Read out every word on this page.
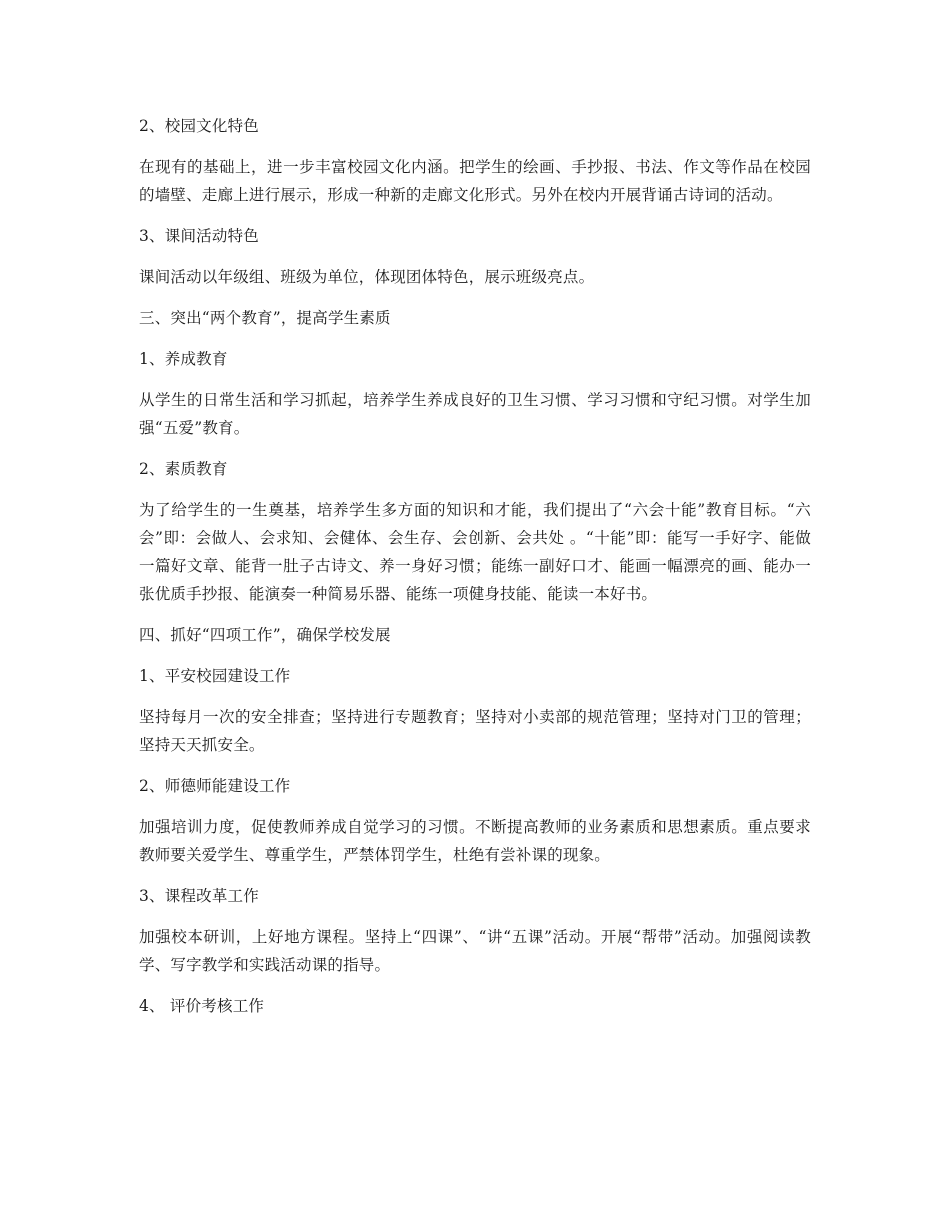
2、校园文化特色

在现有的基础上，进一步丰富校园文化内涵。把学生的绘画、手抄报、书法、作文等作品在校园的墙壁、走廊上进行展示，形成一种新的走廊文化形式。另外在校内开展背诵古诗词的活动。

3、课间活动特色

课间活动以年级组、班级为单位，体现团体特色，展示班级亮点。

三、突出“两个教育”，提高学生素质

1、养成教育

从学生的日常生活和学习抓起，培养学生养成良好的卫生习惯、学习习惯和守纪习惯。对学生加强“五爱”教育。

2、素质教育

为了给学生的一生奠基，培养学生多方面的知识和才能，我们提出了“六会十能”教育目标。“六会”即：会做人、会求知、会健体、会生存、会创新、会共处 。“十能”即：能写一手好字、能做一篇好文章、能背一肚子古诗文、养一身好习惯；能练一副好口才、能画一幅漂亮的画、能办一张优质手抄报、能演奏一种简易乐器、能练一项健身技能、能读一本好书。

四、抓好“四项工作”，确保学校发展

1、平安校园建设工作

坚持每月一次的安全排查；坚持进行专题教育；坚持对小卖部的规范管理；坚持对门卫的管理；坚持天天抓安全。

2、师德师能建设工作

加强培训力度，促使教师养成自觉学习的习惯。不断提高教师的业务素质和思想素质。重点要求教师要关爱学生、尊重学生，严禁体罚学生，杜绝有尝补课的现象。

3、课程改革工作

加强校本研训，上好地方课程。坚持上“四课”、“讲“五课”活动。开展“帮带”活动。加强阅读教学、写字教学和实践活动课的指导。

4、 评价考核工作
